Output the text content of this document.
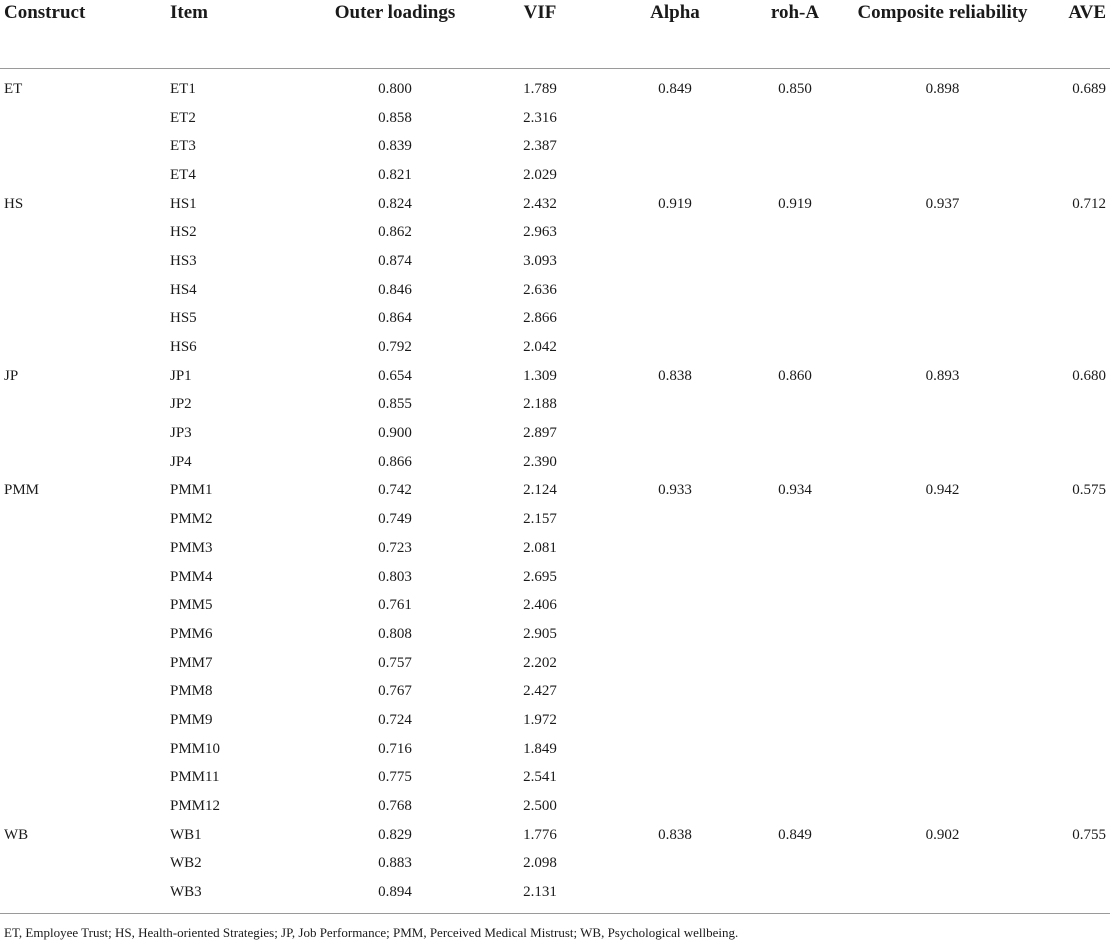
Construct	Item	Outer loadings	VIF	Alpha	roh-A	Composite reliability	AVE
ET	ET1	0.800	1.789	0.849	0.850	0.898	0.689
	ET2	0.858	2.316				
	ET3	0.839	2.387				
	ET4	0.821	2.029				
HS	HS1	0.824	2.432	0.919	0.919	0.937	0.712
	HS2	0.862	2.963				
	HS3	0.874	3.093				
	HS4	0.846	2.636				
	HS5	0.864	2.866				
	HS6	0.792	2.042				
JP	JP1	0.654	1.309	0.838	0.860	0.893	0.680
	JP2	0.855	2.188				
	JP3	0.900	2.897				
	JP4	0.866	2.390				
PMM	PMM1	0.742	2.124	0.933	0.934	0.942	0.575
	PMM2	0.749	2.157				
	PMM3	0.723	2.081				
	PMM4	0.803	2.695				
	PMM5	0.761	2.406				
	PMM6	0.808	2.905				
	PMM7	0.757	2.202				
	PMM8	0.767	2.427				
	PMM9	0.724	1.972				
	PMM10	0.716	1.849				
	PMM11	0.775	2.541				
	PMM12	0.768	2.500				
WB	WB1	0.829	1.776	0.838	0.849	0.902	0.755
	WB2	0.883	2.098				
	WB3	0.894	2.131				
ET, Employee Trust; HS, Health-oriented Strategies; JP, Job Performance; PMM, Perceived Medical Mistrust; WB, Psychological wellbeing.
